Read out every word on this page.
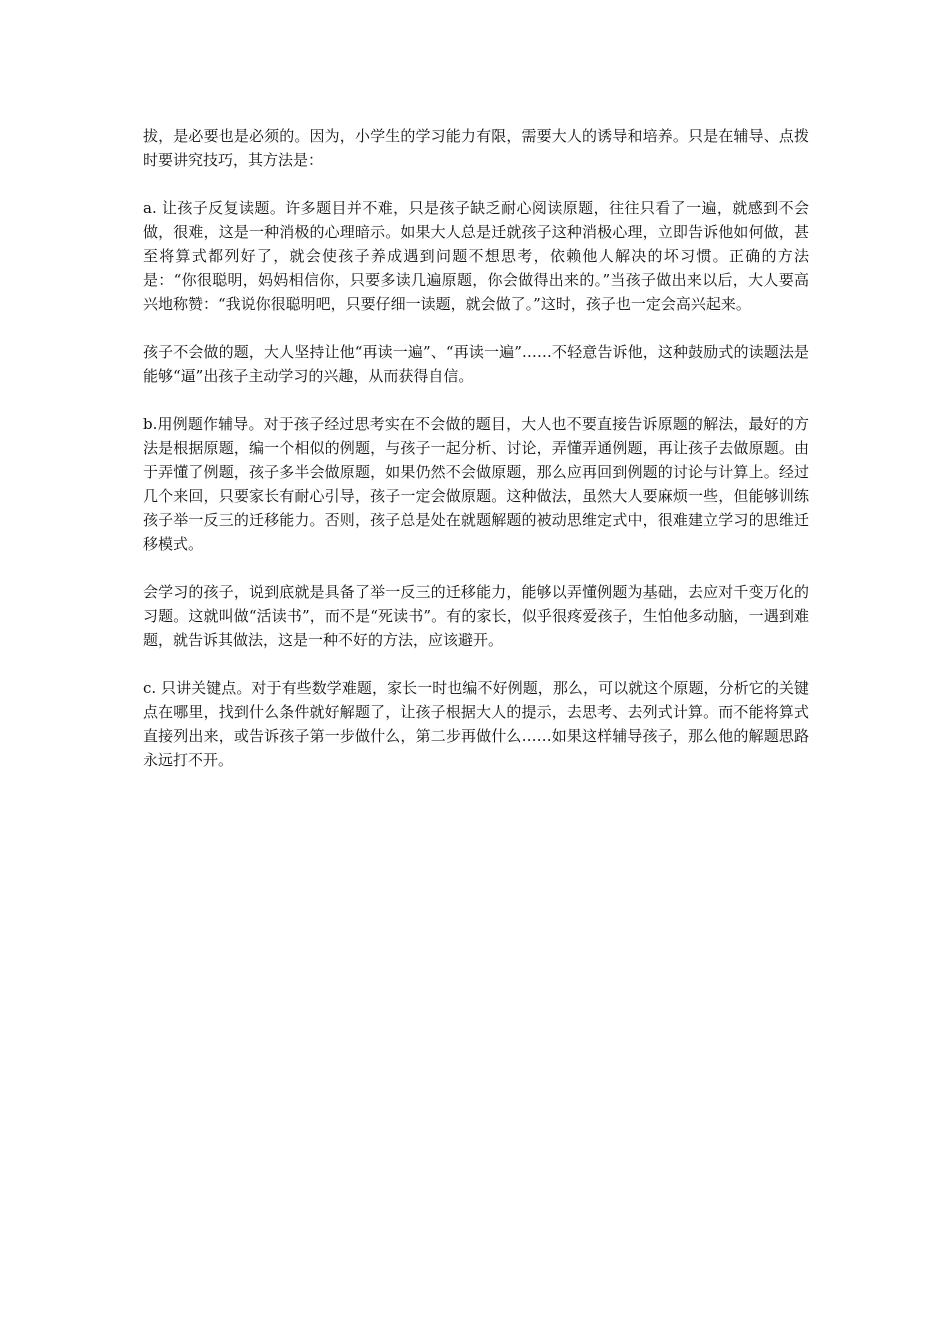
拔，是必要也是必须的。因为，小学生的学习能力有限，需要大人的诱导和培养。只是在辅导、点拨时要讲究技巧，其方法是：

a. 让孩子反复读题。许多题目并不难，只是孩子缺乏耐心阅读原题，往往只看了一遍，就感到不会做，很难，这是一种消极的心理暗示。如果大人总是迁就孩子这种消极心理，立即告诉他如何做，甚至将算式都列好了，就会使孩子养成遇到问题不想思考，依赖他人解决的坏习惯。正确的方法是：“你很聪明，妈妈相信你，只要多读几遍原题，你会做得出来的。”当孩子做出来以后，大人要高兴地称赞：“我说你很聪明吧，只要仔细一读题，就会做了。”这时，孩子也一定会高兴起来。

孩子不会做的题，大人坚持让他“再读一遍”、“再读一遍”……不轻意告诉他，这种鼓励式的读题法是能够“逼”出孩子主动学习的兴趣，从而获得自信。

b.用例题作辅导。对于孩子经过思考实在不会做的题目，大人也不要直接告诉原题的解法，最好的方法是根据原题，编一个相似的例题，与孩子一起分析、讨论，弄懂弄通例题，再让孩子去做原题。由于弄懂了例题，孩子多半会做原题，如果仍然不会做原题，那么应再回到例题的讨论与计算上。经过几个来回，只要家长有耐心引导，孩子一定会做原题。这种做法，虽然大人要麻烦一些，但能够训练孩子举一反三的迁移能力。否则，孩子总是处在就题解题的被动思维定式中，很难建立学习的思维迁移模式。

会学习的孩子，说到底就是具备了举一反三的迁移能力，能够以弄懂例题为基础，去应对千变万化的习题。这就叫做“活读书”，而不是“死读书”。有的家长，似乎很疼爱孩子，生怕他多动脑，一遇到难题，就告诉其做法，这是一种不好的方法，应该避开。

c. 只讲关键点。对于有些数学难题，家长一时也编不好例题，那么，可以就这个原题，分析它的关键点在哪里，找到什么条件就好解题了，让孩子根据大人的提示，去思考、去列式计算。而不能将算式直接列出来，或告诉孩子第一步做什么，第二步再做什么……如果这样辅导孩子，那么他的解题思路永远打不开。
